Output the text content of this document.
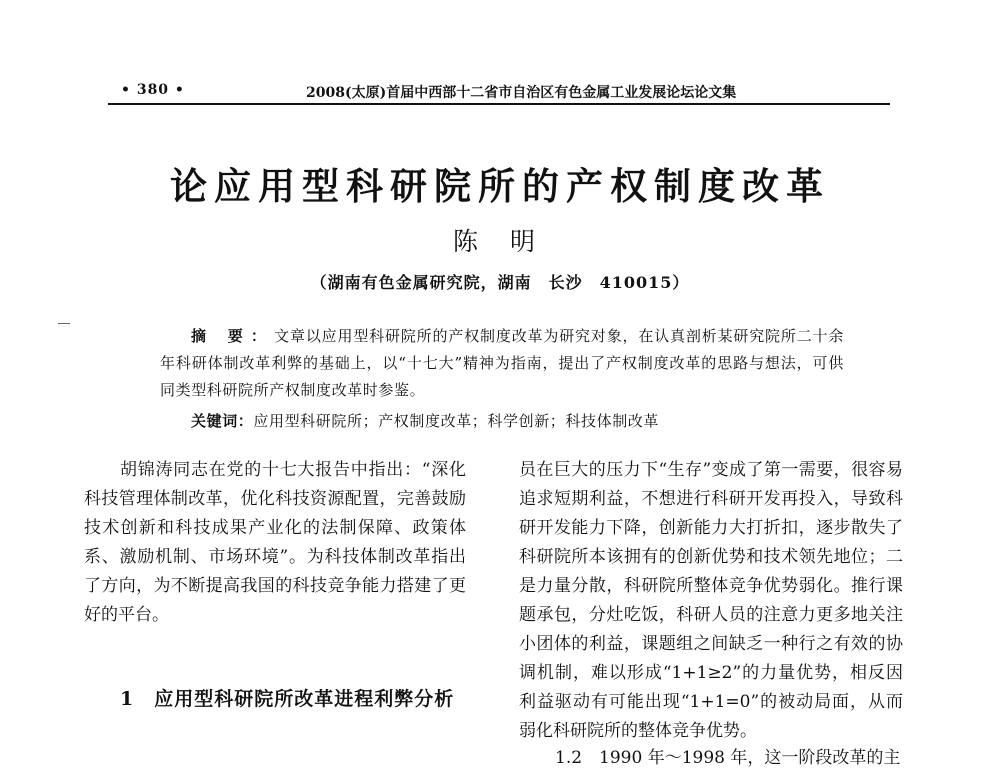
• 380 •	2008(太原)首届中西部十二省市自治区有色金属工业发展论坛论文集
论应用型科研院所的产权制度改革
陈 明
（湖南有色金属研究院，湖南　长沙　410015）
摘 要：文章以应用型科研院所的产权制度改革为研究对象，在认真剖析某研究院所二十余年科研体制改革利弊的基础上，以“十七大”精神为指南，提出了产权制度改革的思路与想法，可供同类型科研院所产权制度改革时参鉴。
关键词：应用型科研院所；产权制度改革；科学创新；科技体制改革
胡锦涛同志在党的十七大报告中指出：“深化科技管理体制改革，优化科技资源配置，完善鼓励技术创新和科技成果产业化的法制保障、政策体系、激励机制、市场环境”。为科技体制改革指出了方向，为不断提高我国的科技竞争能力搭建了更好的平台。
1　应用型科研院所改革进程利弊分析
员在巨大的压力下“生存”变成了第一需要，很容易追求短期利益，不想进行科研开发再投入，导致科研开发能力下降，创新能力大打折扣，逐步散失了科研院所本该拥有的创新优势和技术领先地位；二是力量分散，科研院所整体竞争优势弱化。推行课题承包，分灶吃饭，科研人员的注意力更多地关注小团体的利益，课题组之间缺乏一种行之有效的协调机制，难以形成“1+1≥2”的力量优势，相反因利益驱动有可能出现“1+1=0”的被动局面，从而弱化科研院所的整体竞争优势。
1.2　1990 年～1998 年，这一阶段改革的主
